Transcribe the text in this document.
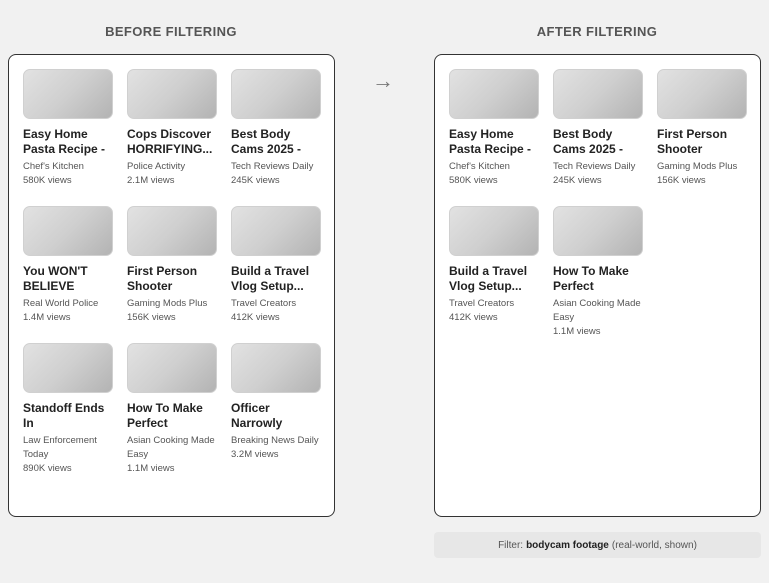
BEFORE FILTERING	AFTER FILTERING
→
Easy Home Pasta Recipe -
Chef's Kitchen
580K views
Cops Discover HORRIFYING...
Police Activity
2.1M views
Best Body Cams 2025 -
Tech Reviews Daily
245K views
You WON'T BELIEVE
Real World Police
1.4M views
First Person Shooter
Gaming Mods Plus
156K views
Build a Travel Vlog Setup...
Travel Creators
412K views
Standoff Ends In
Law Enforcement Today
890K views
How To Make Perfect
Asian Cooking Made Easy
1.1M views
Officer Narrowly
Breaking News Daily
3.2M views
Easy Home Pasta Recipe -
Chef's Kitchen
580K views
Best Body Cams 2025 -
Tech Reviews Daily
245K views
First Person Shooter
Gaming Mods Plus
156K views
Build a Travel Vlog Setup...
Travel Creators
412K views
How To Make Perfect
Asian Cooking Made Easy
1.1M views
Filter: bodycam footage (real-world, shown)
